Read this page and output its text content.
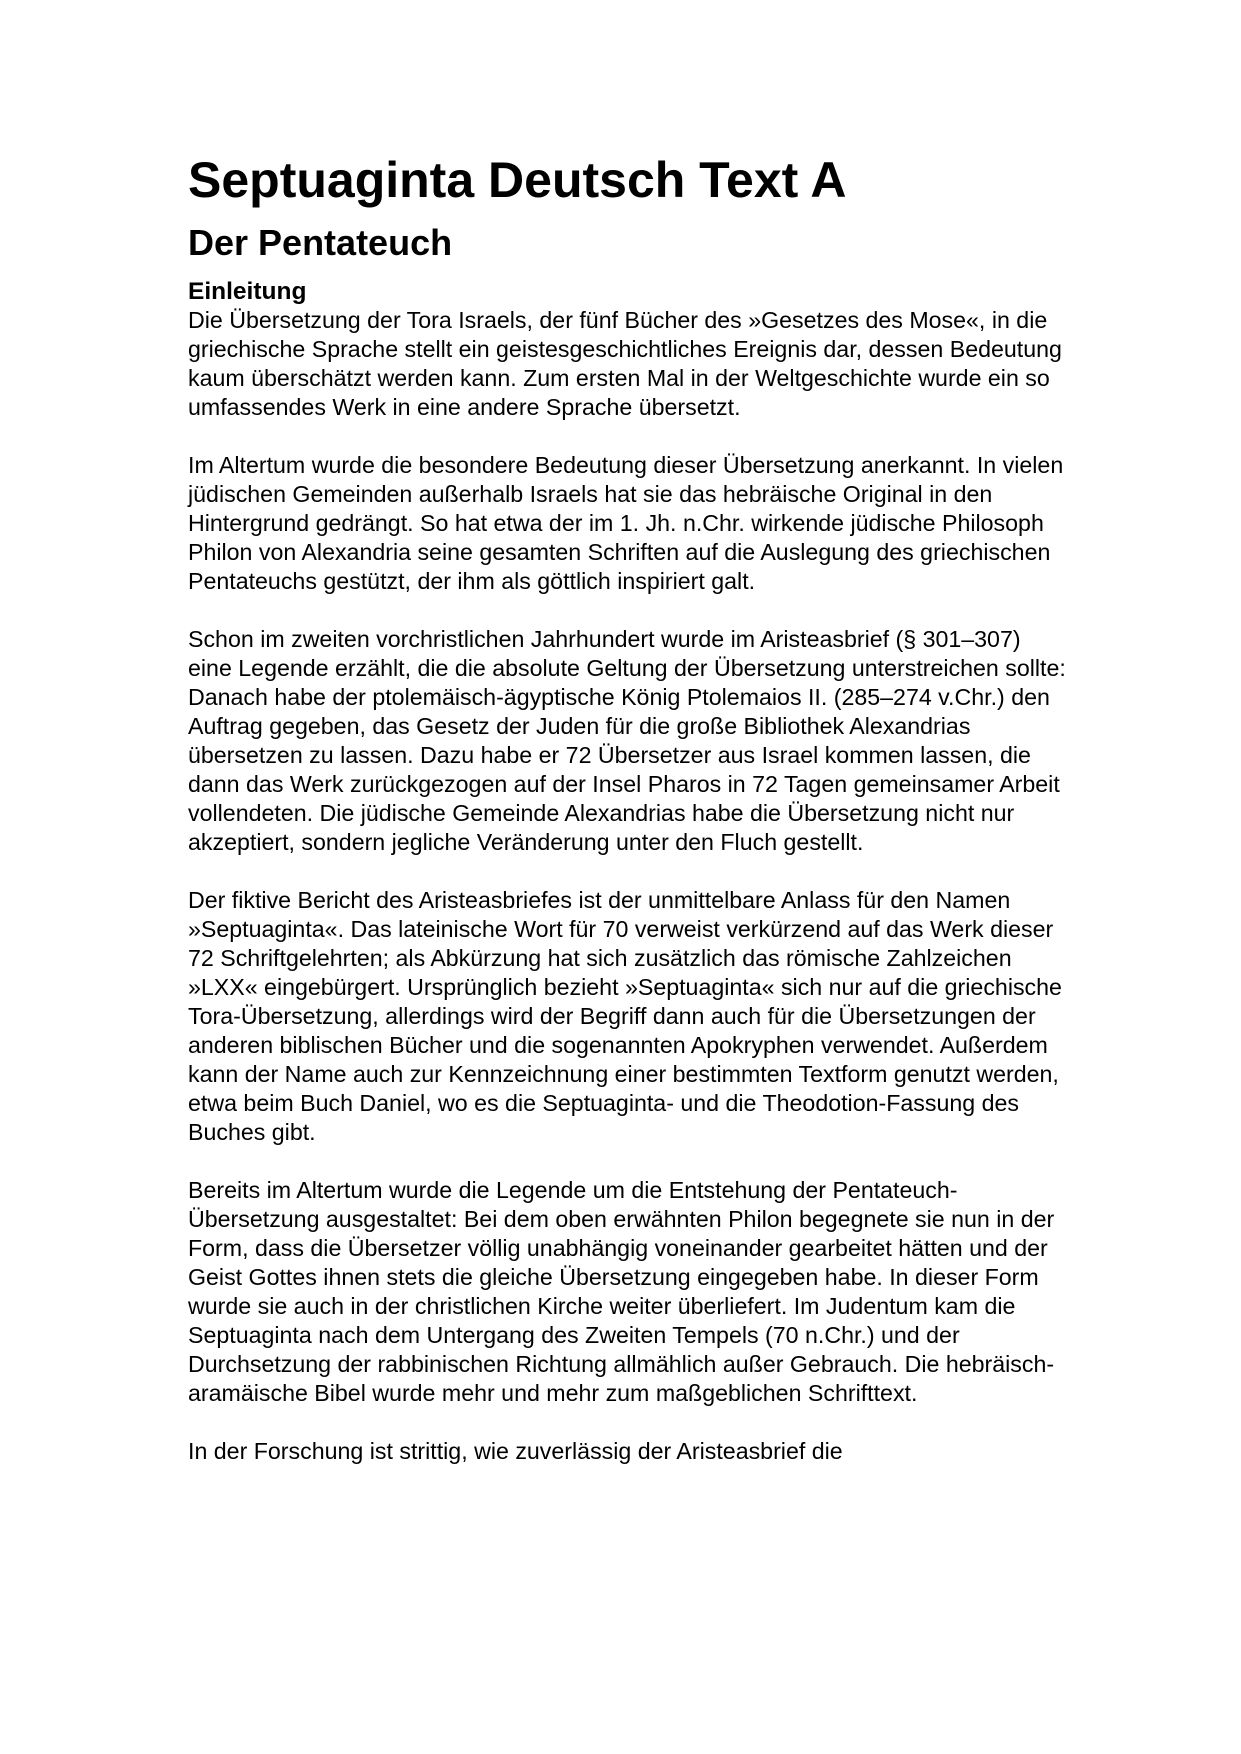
Septuaginta Deutsch Text A
Der Pentateuch
Einleitung

Die Übersetzung der Tora Israels, der fünf Bücher des »Gesetzes des Mose«, in die griechische Sprache stellt ein geistesgeschichtliches Ereignis dar, dessen Bedeutung kaum überschätzt werden kann. Zum ersten Mal in der Weltgeschichte wurde ein so umfassendes Werk in eine andere Sprache übersetzt.

Im Altertum wurde die besondere Bedeutung dieser Übersetzung anerkannt. In vielen jüdischen Gemeinden außerhalb Israels hat sie das hebräische Original in den Hintergrund gedrängt. So hat etwa der im 1. Jh. n.Chr. wirkende jüdische Philosoph Philon von Alexandria seine gesamten Schriften auf die Auslegung des griechischen Pentateuchs gestützt, der ihm als göttlich inspiriert galt.

Schon im zweiten vorchristlichen Jahrhundert wurde im Aristeasbrief (§ 301–307) eine Legende erzählt, die die absolute Geltung der Übersetzung unterstreichen sollte: Danach habe der ptolemäisch-ägyptische König Ptolemaios II. (285–274 v.Chr.) den Auftrag gegeben, das Gesetz der Juden für die große Bibliothek Alexandrias übersetzen zu lassen. Dazu habe er 72 Übersetzer aus Israel kommen lassen, die dann das Werk zurückgezogen auf der Insel Pharos in 72 Tagen gemeinsamer Arbeit vollendeten. Die jüdische Gemeinde Alexandrias habe die Übersetzung nicht nur akzeptiert, sondern jegliche Veränderung unter den Fluch gestellt.

Der fiktive Bericht des Aristeasbriefes ist der unmittelbare Anlass für den Namen »Septuaginta«. Das lateinische Wort für 70 verweist verkürzend auf das Werk dieser 72 Schriftgelehrten; als Abkürzung hat sich zusätzlich das römische Zahlzeichen »LXX« eingebürgert. Ursprünglich bezieht »Septuaginta« sich nur auf die griechische Tora-Übersetzung, allerdings wird der Begriff dann auch für die Übersetzungen der anderen biblischen Bücher und die sogenannten Apokryphen verwendet. Außerdem kann der Name auch zur Kennzeichnung einer bestimmten Textform genutzt werden, etwa beim Buch Daniel, wo es die Septuaginta- und die Theodotion-Fassung des Buches gibt.

Bereits im Altertum wurde die Legende um die Entstehung der Pentateuch-Übersetzung ausgestaltet: Bei dem oben erwähnten Philon begegnete sie nun in der Form, dass die Übersetzer völlig unabhängig voneinander gearbeitet hätten und der Geist Gottes ihnen stets die gleiche Übersetzung eingegeben habe. In dieser Form wurde sie auch in der christlichen Kirche weiter überliefert. Im Judentum kam die Septuaginta nach dem Untergang des Zweiten Tempels (70 n.Chr.) und der Durchsetzung der rabbinischen Richtung allmählich außer Gebrauch. Die hebräisch-aramäische Bibel wurde mehr und mehr zum maßgeblichen Schrifttext.

In der Forschung ist strittig, wie zuverlässig der Aristeasbrief die
